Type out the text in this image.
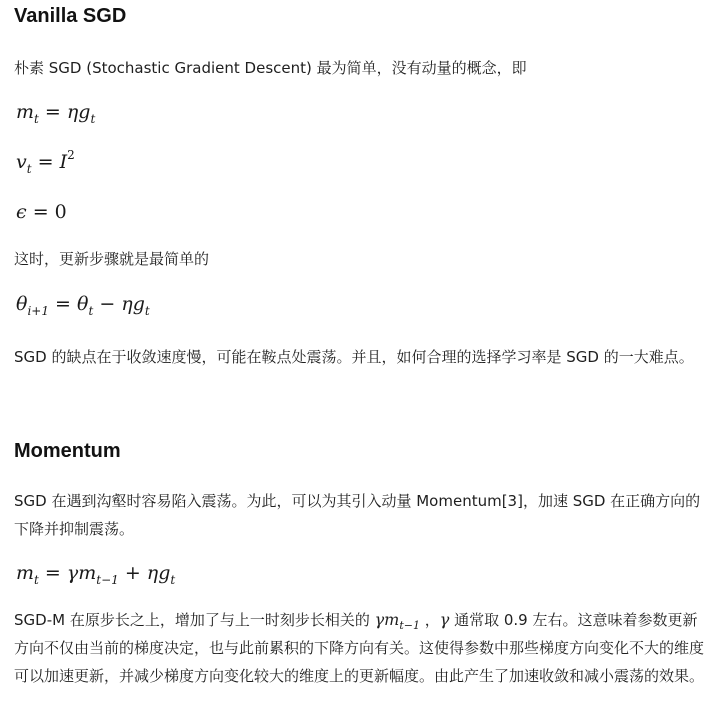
Vanilla SGD

朴素 SGD (Stochastic Gradient Descent) 最为简单，没有动量的概念，即

$m_t = \eta g_t$
$v_t = I^2$
ϵ = 0

这时，更新步骤就是最简单的

$\theta_{i+1} = \theta_t - \eta g_t$

SGD 的缺点在于收敛速度慢，可能在鞍点处震荡。并且，如何合理的选择学习率是 SGD 的一大难点。

Momentum

SGD 在遇到沟壑时容易陷入震荡。为此，可以为其引入动量 Momentum[3]，加速 SGD 在正确方向的下降并抑制震荡。

$m_t = \gamma m_{t-1} + \eta g_t$

SGD-M 在原步长之上，增加了与上一时刻步长相关的 $\gamma m_{t-1}$ ，γ 通常取 0.9 左右。这意味着参数更新方向不仅由当前的梯度决定，也与此前累积的下降方向有关。这使得参数中那些梯度方向变化不大的维度可以加速更新，并减少梯度方向变化较大的维度上的更新幅度。由此产生了加速收敛和减小震荡的效果。
